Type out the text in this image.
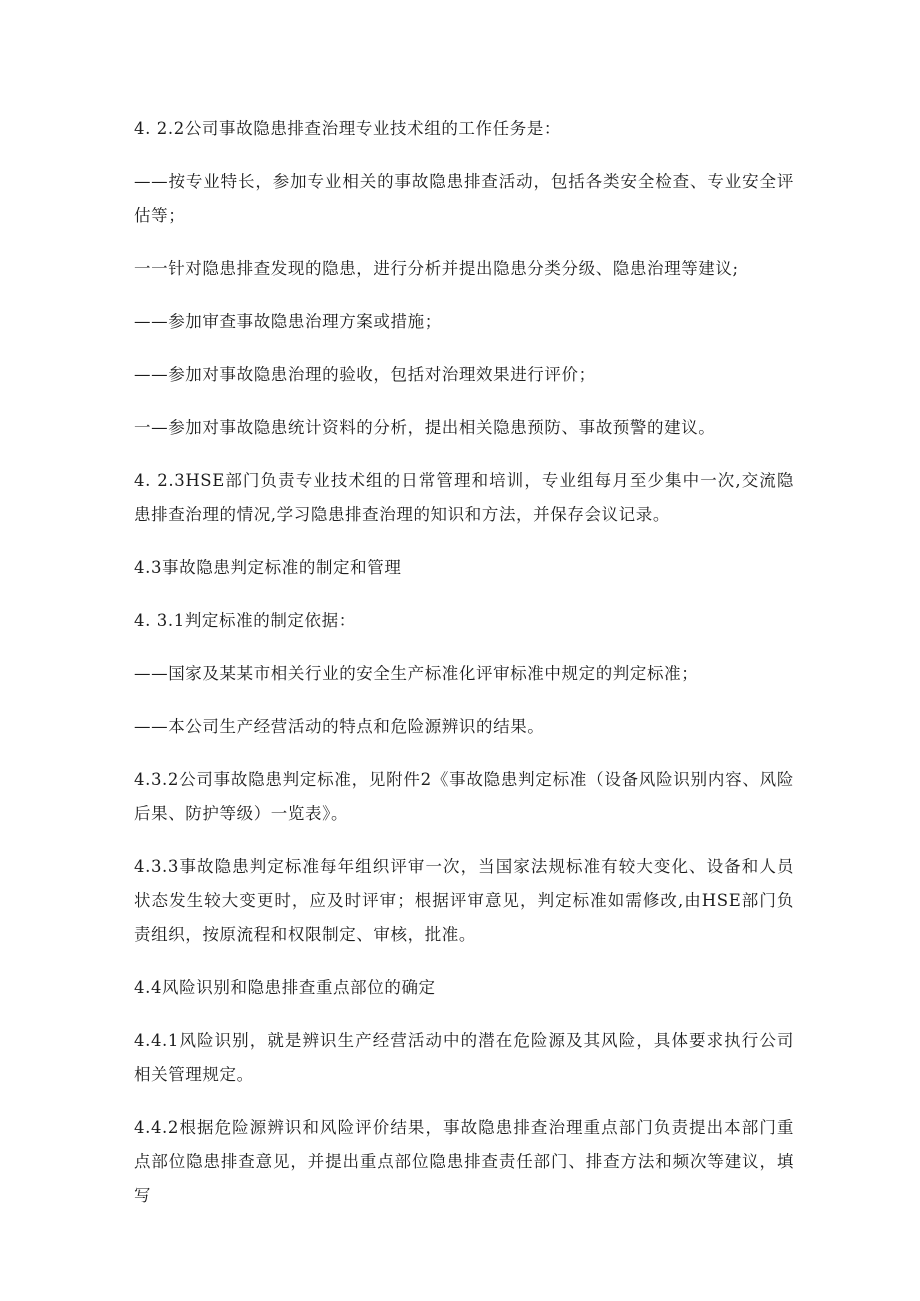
4. 2.2公司事故隐患排查治理专业技术组的工作任务是：

——按专业特长，参加专业相关的事故隐患排查活动，包括各类安全检查、专业安全评估等；

一一针对隐患排查发现的隐患，进行分析并提出隐患分类分级、隐患治理等建议;

——参加审查事故隐患治理方案或措施；

——参加对事故隐患治理的验收，包括对治理效果进行评价；

一—参加对事故隐患统计资料的分析，提出相关隐患预防、事故预警的建议。

4. 2.3HSE部门负责专业技术组的日常管理和培训，专业组每月至少集中一次,交流隐患排查治理的情况,学习隐患排查治理的知识和方法，并保存会议记录。

4.3事故隐患判定标准的制定和管理

4. 3.1判定标准的制定依据：

——国家及某某市相关行业的安全生产标准化评审标准中规定的判定标准；

——本公司生产经营活动的特点和危险源辨识的结果。

4.3.2公司事故隐患判定标准，见附件2《事故隐患判定标准（设备风险识别内容、风险后果、防护等级）一览表》。

4.3.3事故隐患判定标准每年组织评审一次，当国家法规标准有较大变化、设备和人员状态发生较大变更时，应及时评审；根据评审意见，判定标准如需修改,由HSE部门负责组织，按原流程和权限制定、审核，批准。

4.4风险识别和隐患排查重点部位的确定

4.4.1风险识别，就是辨识生产经营活动中的潜在危险源及其风险，具体要求执行公司相关管理规定。

4.4.2根据危险源辨识和风险评价结果，事故隐患排查治理重点部门负责提出本部门重点部位隐患排查意见，并提出重点部位隐患排查责任部门、排查方法和频次等建议，填写
